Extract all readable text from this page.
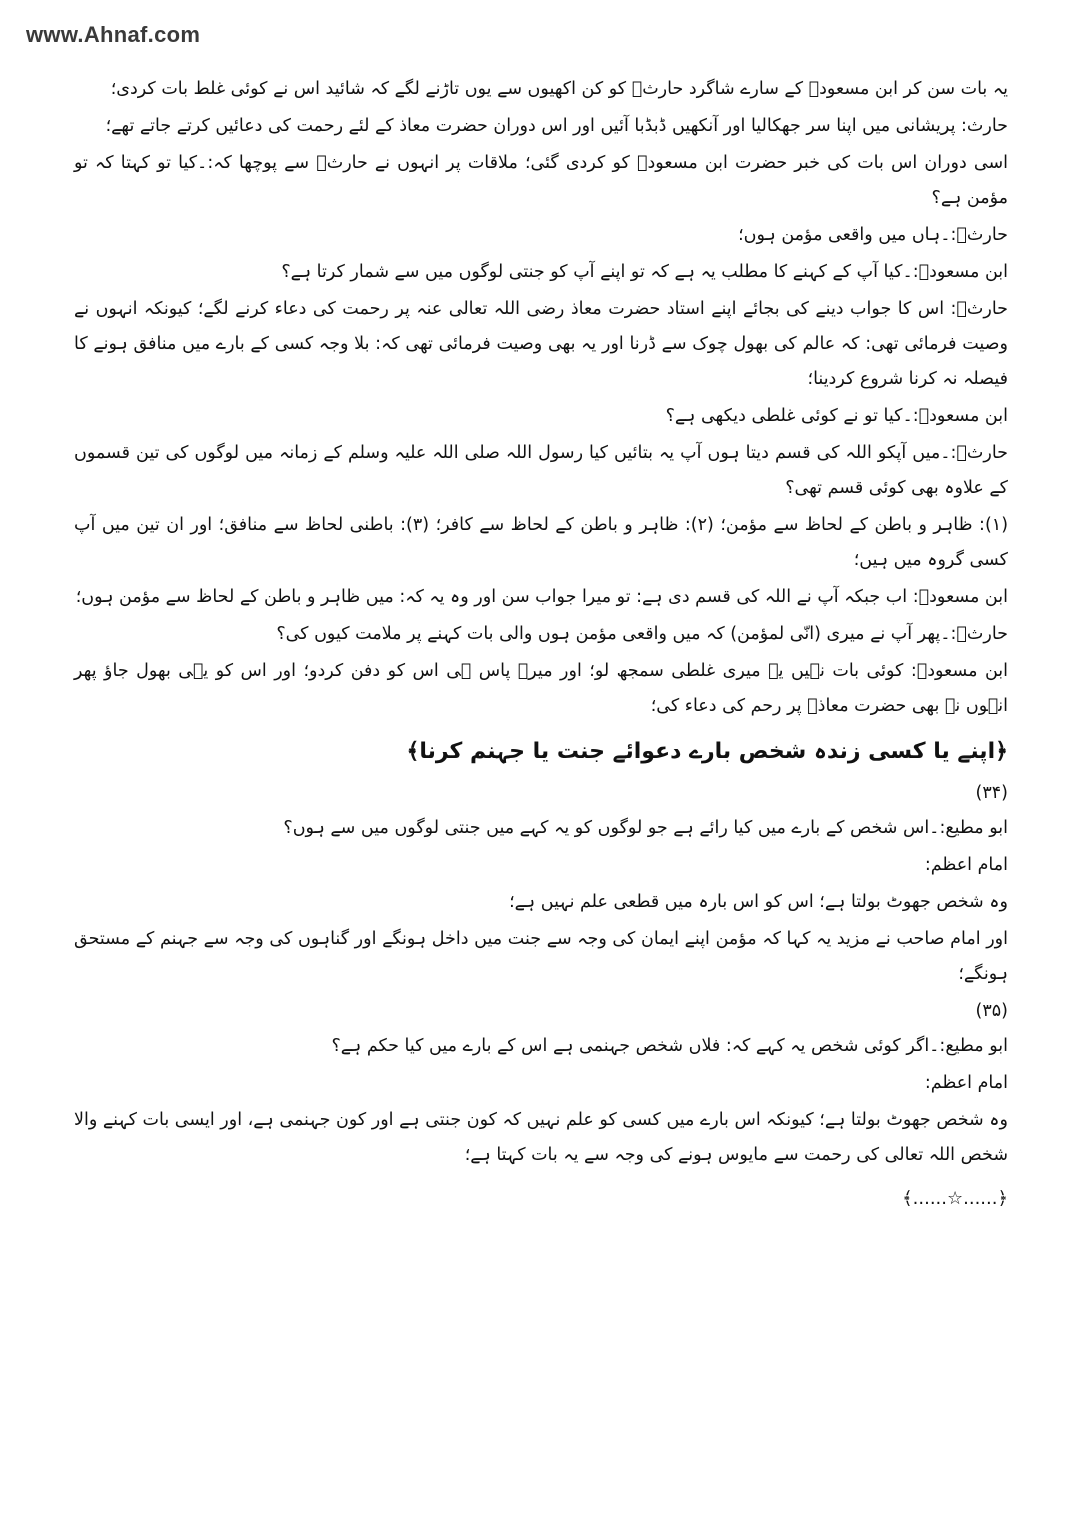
www.Ahnaf.com

یہ بات سن کر ابن مسعودؓ کے سارے شاگرد حارثؓ کو کن اکھیوں سے یوں تاڑنے لگے کہ شائید اس نے کوئی غلط بات کردی؛

حارث: پریشانی میں اپنا سر جھکالیا اور آنکھیں ڈبڈبا آئیں اور اس دوران حضرت معاذ کے لئے رحمت کی دعائیں کرتے جاتے تھے؛

اسی دوران اس بات کی خبر حضرت ابن مسعودؓ کو کردی گئی؛ ملاقات پر انہوں نے حارثؓ سے پوچھا کہ:۔کیا تو کہتا کہ تو مؤمن ہے؟

حارثؓ:۔ہاں میں واقعی مؤمن ہوں؛

ابن مسعودؓ:۔کیا آپ کے کہنے کا مطلب یہ ہے کہ تو اپنے آپ کو جنتی لوگوں میں سے شمار کرتا ہے؟

حارثؓ: اس کا جواب دینے کی بجائے اپنے استاد حضرت معاذ رضی اللہ تعالی عنہ پر رحمت کی دعاء کرنے لگے؛ کیونکہ انہوں نے وصیت فرمائی تھی: کہ عالم کی بھول چوک سے ڈرنا اور یہ بھی وصیت فرمائی تھی کہ: بلا وجہ کسی کے بارے میں منافق ہونے کا فیصلہ نہ کرنا شروع کردینا؛

ابن مسعودؓ:۔کیا تو نے کوئی غلطی دیکھی ہے؟

حارثؓ:۔میں آپکو اللہ کی قسم دیتا ہوں آپ یہ بتائیں کیا رسول اللہ صلی اللہ علیہ وسلم کے زمانہ میں لوگوں کی تین قسموں کے علاوہ بھی کوئی قسم تھی؟

(۱): ظاہر و باطن کے لحاظ سے مؤمن؛ (۲): ظاہر و باطن کے لحاظ سے کافر؛ (۳): باطنی لحاظ سے منافق؛ اور ان تین میں آپ کسی گروہ میں ہیں؛

ابن مسعودؓ: اب جبکہ آپ نے اللہ کی قسم دی ہے: تو میرا جواب سن اور وہ یہ کہ: میں ظاہر و باطن کے لحاظ سے مؤمن ہوں؛

حارثؓ:۔پھر آپ نے میری (انّی لمؤمن) کہ میں واقعی مؤمن ہوں والی بات کہنے پر ملامت کیوں کی؟

ابن مسعودؓ: کوئی بات نہیں یہ میری غلطی سمجھ لو؛ اور میرے پاس ہی اس کو دفن کردو؛ اور اس کو یہی بھول جاؤ پھر انہوں نے بھی حضرت معاذؓ پر رحم کی دعاء کی؛

﴿اپنے یا کسی زندہ شخص بارے دعوائے جنت یا جہنم کرنا﴾
(۳۴)

ابو مطیع:۔اس شخص کے بارے میں کیا رائے ہے جو لوگوں کو یہ کہے میں جنتی لوگوں میں سے ہوں؟

امام اعظم:

وہ شخص جھوٹ بولتا ہے؛ اس کو اس بارہ میں قطعی علم نہیں ہے؛

اور امام صاحب نے مزید یہ کہا کہ مؤمن اپنے ایمان کی وجہ سے جنت میں داخل ہونگے اور گناہوں کی وجہ سے جہنم کے مستحق ہونگے؛

(۳۵)

ابو مطیع:۔اگر کوئی شخص یہ کہے کہ: فلاں شخص جہنمی ہے اس کے بارے میں کیا حکم ہے؟

امام اعظم:

وہ شخص جھوٹ بولتا ہے؛ کیونکہ اس بارے میں کسی کو علم نہیں کہ کون جنتی ہے اور کون جہنمی ہے، اور ایسی بات کہنے والا شخص اللہ تعالی کی رحمت سے مایوس ہونے کی وجہ سے یہ بات کہتا ہے؛

﴿......☆......﴾
